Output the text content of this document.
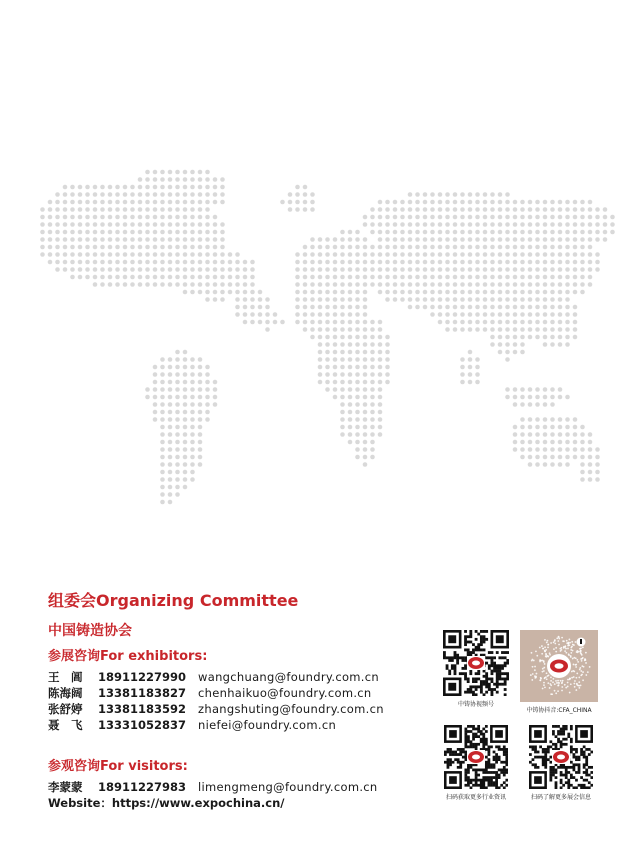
组委会Organizing Committee
中国铸造协会
参展咨询For exhibitors:
王　阊 18911227990 wangchuang@foundry.com.cn
陈海阔 13381183827 chenhaikuo@foundry.com.cn
张舒婷 13381183592 zhangshuting@foundry.com.cn
聂　飞 13331052837 niefei@foundry.com.cn
参观咨询For visitors:
李蒙蒙 18911227983 limengmeng@foundry.com.cn
Website：https://www.expochina.cn/
中铸协视频号
中铸协抖音:CFA_CHINA
扫码获取更多行业资讯	扫码了解更多展会信息
